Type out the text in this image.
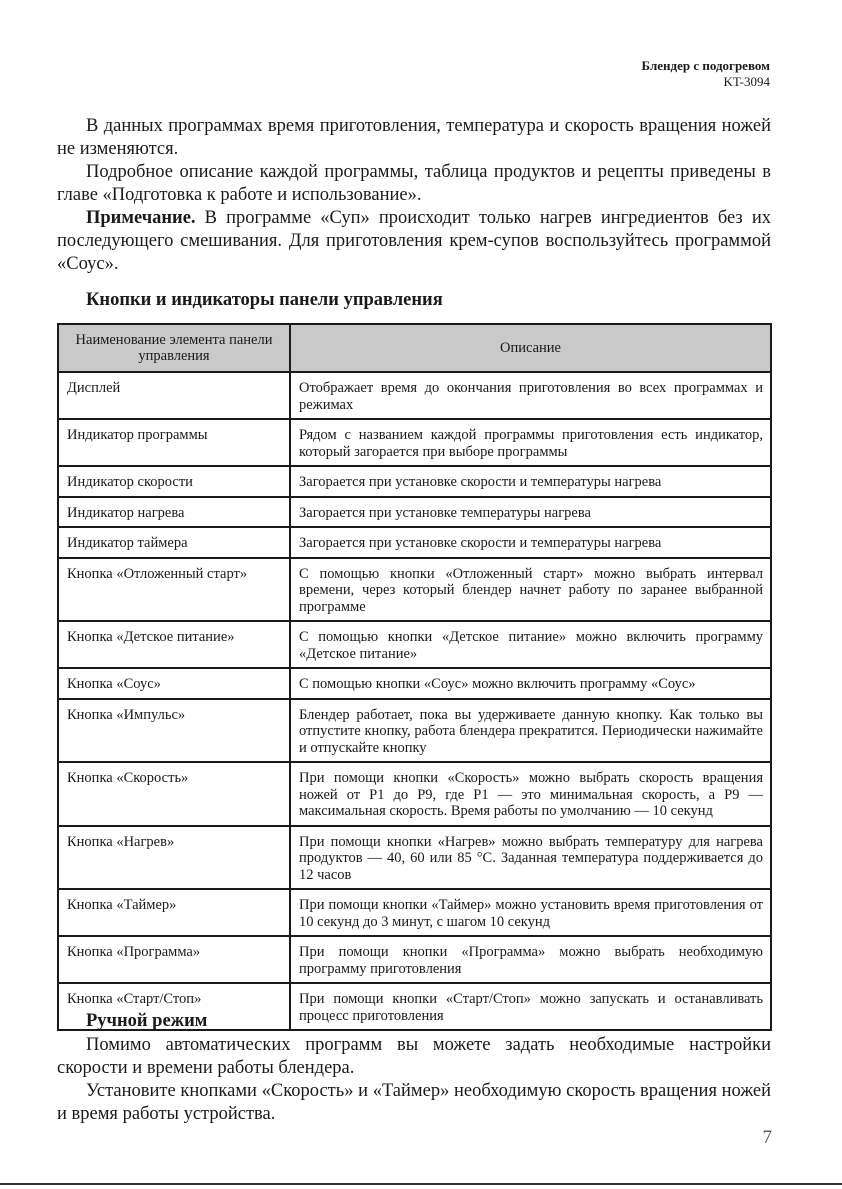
Блендер с подогревом
KT-3094

В данных программах время приготовления, температура и скорость вращения ножей не изменяются.

Подробное описание каждой программы, таблица продуктов и рецепты приведены в главе «Подготовка к работе и использование».

Примечание. В программе «Суп» происходит только нагрев ингредиентов без их последующего смешивания. Для приготовления крем-супов воспользуйтесь программой «Соус».

Кнопки и индикаторы панели управления
Наименование элемента панели управления	Описание
Дисплей	Отображает время до окончания приготовления во всех программах и режимах
Индикатор программы	Рядом с названием каждой программы приготовления есть индикатор, который загорается при выборе программы
Индикатор скорости	Загорается при установке скорости и температуры нагрева
Индикатор нагрева	Загорается при установке температуры нагрева
Индикатор таймера	Загорается при установке скорости и температуры нагрева
Кнопка «Отложенный старт»	С помощью кнопки «Отложенный старт» можно выбрать интервал времени, через который блендер начнет работу по заранее выбранной программе
Кнопка «Детское питание»	С помощью кнопки «Детское питание» можно включить программу «Детское питание»
Кнопка «Соус»	С помощью кнопки «Соус» можно включить программу «Соус»
Кнопка «Импульс»	Блендер работает, пока вы удерживаете данную кнопку. Как только вы отпустите кнопку, работа блендера прекратится. Периодически нажимайте и отпускайте кнопку
Кнопка «Скорость»	При помощи кнопки «Скорость» можно выбрать скорость вращения ножей от Р1 до Р9, где Р1 — это минимальная скорость, а Р9 — максимальная скорость. Время работы по умолчанию — 10 секунд
Кнопка «Нагрев»	При помощи кнопки «Нагрев» можно выбрать температуру для нагрева продуктов — 40, 60 или 85 °С. Заданная температура поддерживается до 12 часов
Кнопка «Таймер»	При помощи кнопки «Таймер» можно установить время приготовления от 10 секунд до 3 минут, с шагом 10 секунд
Кнопка «Программа»	При помощи кнопки «Программа» можно выбрать необходимую программу приготовления
Кнопка «Старт/Стоп»	При помощи кнопки «Старт/Стоп» можно запускать и останавливать процесс приготовления
Ручной режим

Помимо автоматических программ вы можете задать необходимые настройки скорости и времени работы блендера.

Установите кнопками «Скорость» и «Таймер» необходимую скорость вращения ножей и время работы устройства.

7
